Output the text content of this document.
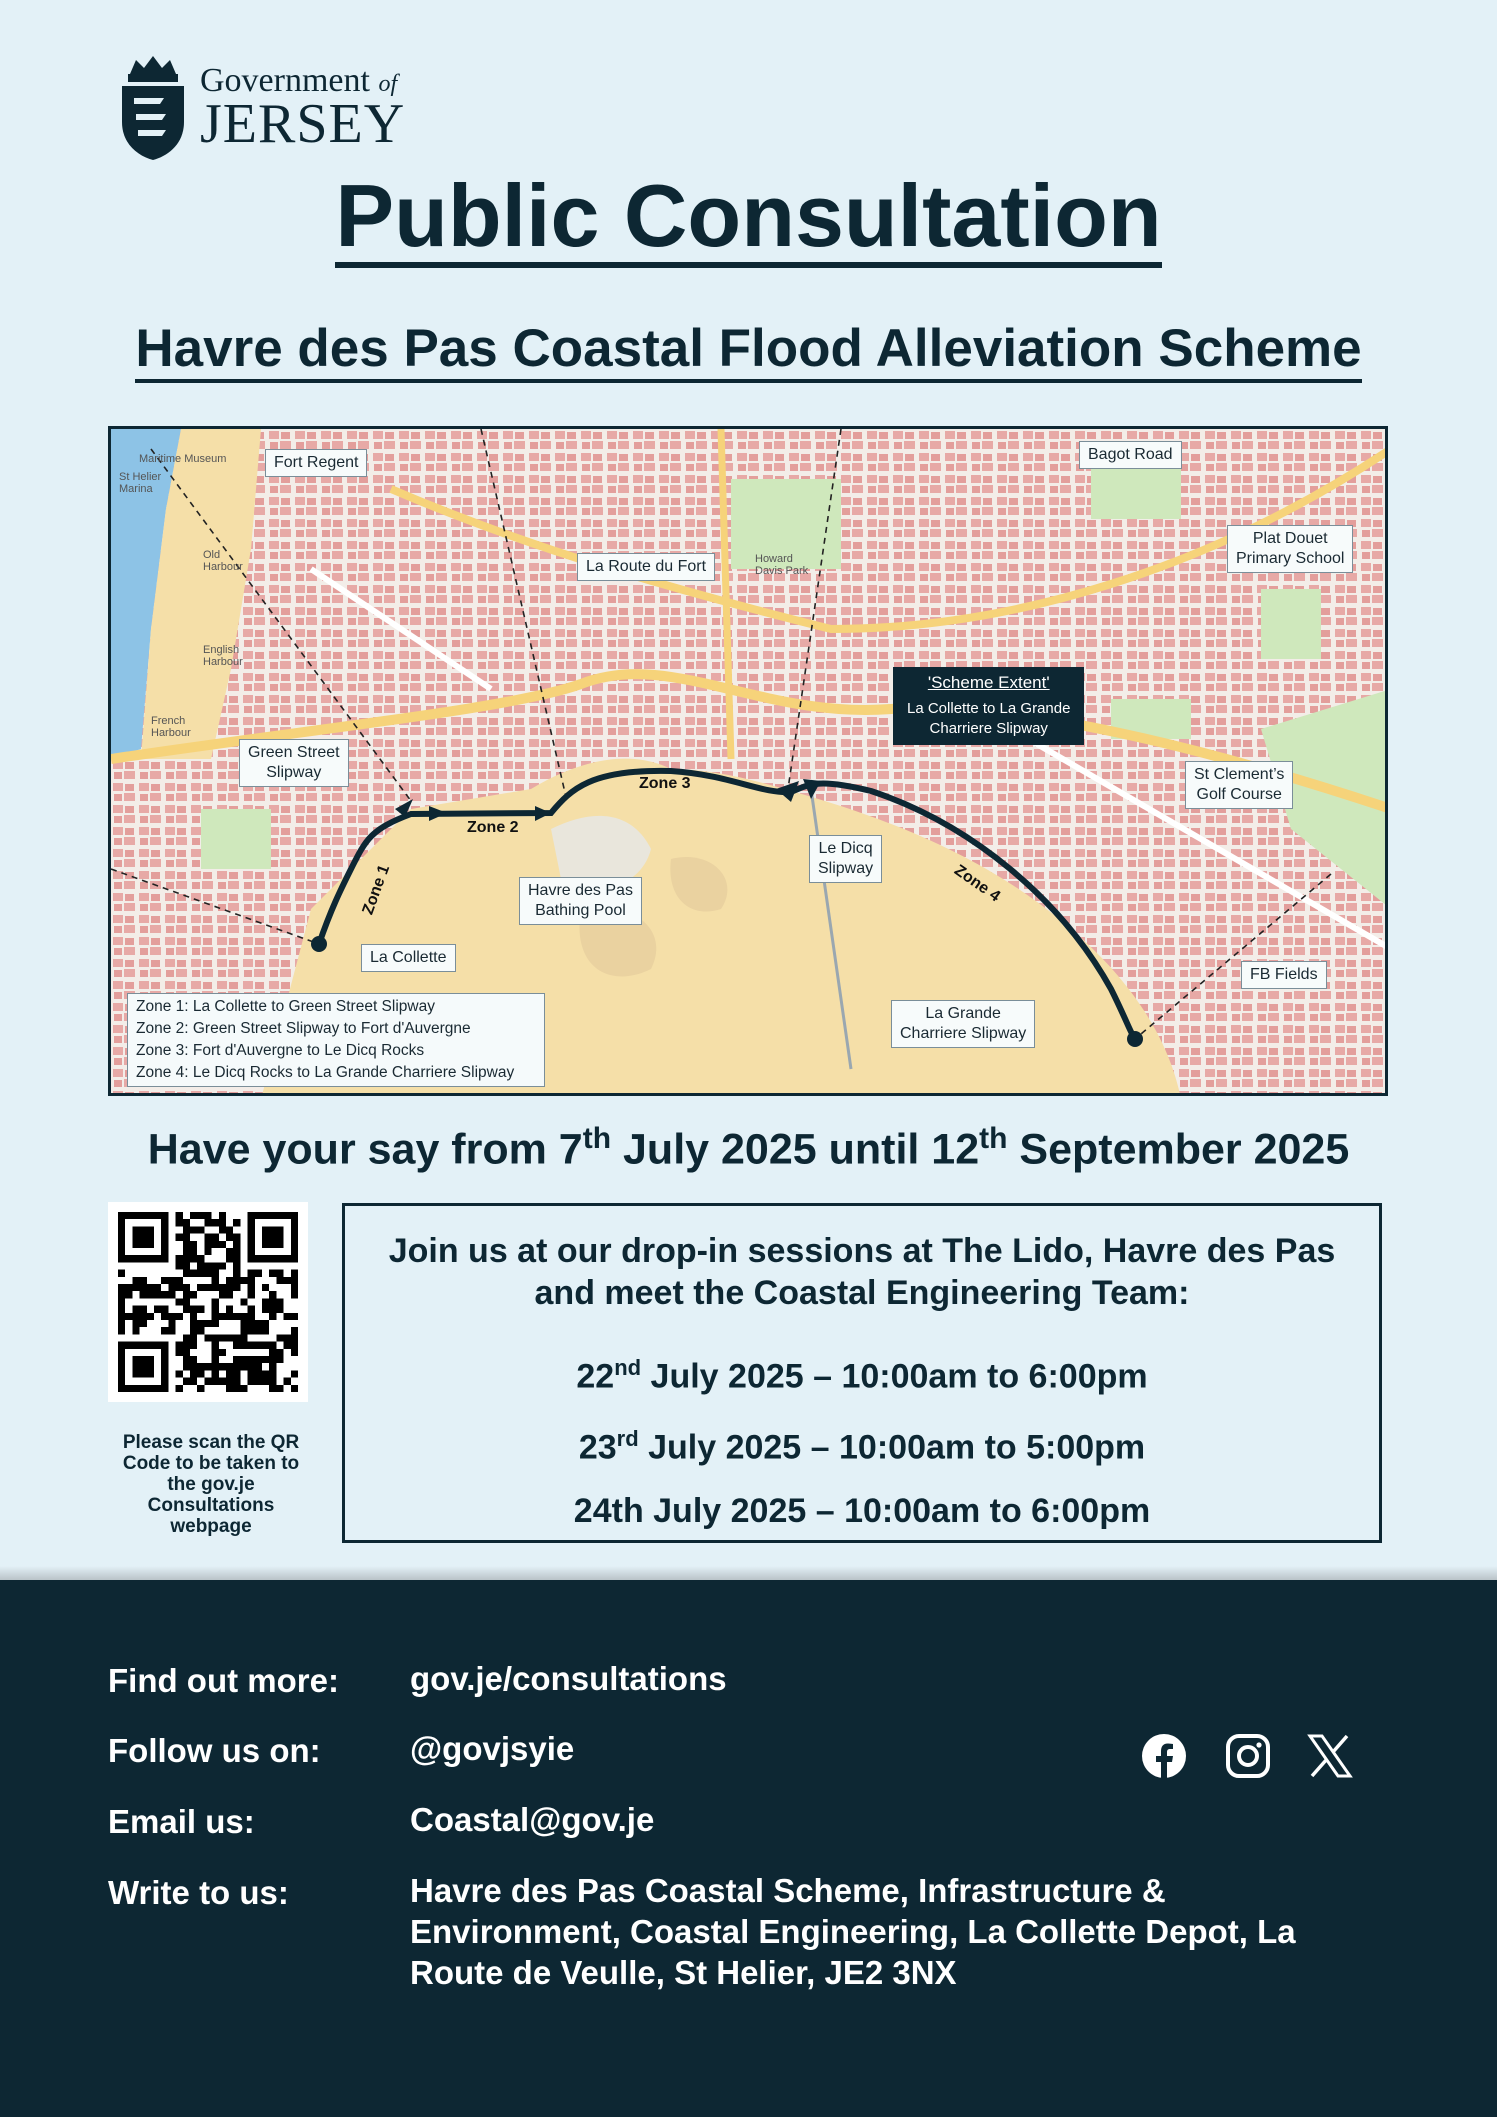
Government of
JERSEY
Public Consultation
Havre des Pas Coastal Flood Alleviation Scheme
Maritime Museum
St Helier Marina
Old Harbour
English Harbour
French Harbour
Howard Davis Park
Fort Regent	Bagot Road
Plat Douet
Primary School
La Route du Fort
Green Street
Slipway	St Clement’s
Golf Course
Le Dicq
Slipway
Havre des Pas
Bathing Pool
La Collette
FB Fields
La Grande
Charriere Slipway
'Scheme Extent'
La Collette to La Grande
Charriere Slipway
Zone 1
Zone 2
Zone 3
Zone 4
Zone 1: La Collette to Green Street Slipway
Zone 2: Green Street Slipway to Fort d'Auvergne
Zone 3: Fort d'Auvergne to Le Dicq Rocks
Zone 4: Le Dicq Rocks to La Grande Charriere Slipway
Have your say from 7th July 2025 until 12th September 2025
Please scan the QR Code to be taken to the gov.je Consultations webpage
Join us at our drop-in sessions at The Lido, Havre des Pas and meet the Coastal Engineering Team:
22nd July 2025 – 10:00am to 6:00pm
23rd July 2025 – 10:00am to 5:00pm
24th July 2025 – 10:00am to 6:00pm
Find out more: gov.je/consultations
Follow us on:	@govjsyie
Email us:	Coastal@gov.je
Write to us:	Havre des Pas Coastal Scheme, Infrastructure &
Environment, Coastal Engineering, La Collette Depot, La
Route de Veulle, St Helier, JE2 3NX
